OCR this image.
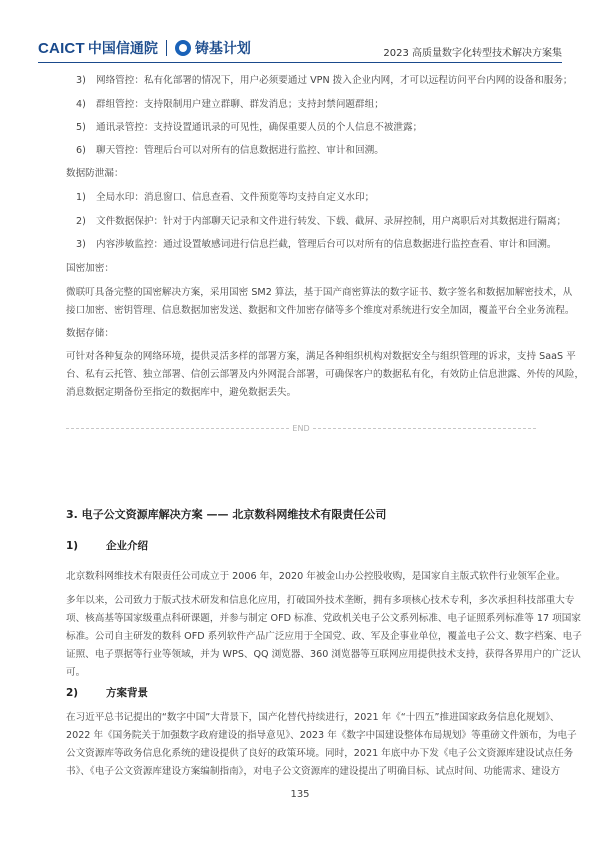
CAICT 中国信通院	铸基计划	2023 高质量数字化转型技术解决方案集
3) 网络管控：私有化部署的情况下，用户必须要通过 VPN 拨入企业内网，才可以远程访问平台内网的设备和服务；
4) 群组管控：支持限制用户建立群聊、群发消息；支持封禁问题群组；
5) 通讯录管控：支持设置通讯录的可见性，确保重要人员的个人信息不被泄露；
6) 聊天管控：管理后台可以对所有的信息数据进行监控、审计和回溯。
数据防泄漏：
1) 全局水印：消息窗口、信息查看、文件预览等均支持自定义水印；
2) 文件数据保护：针对于内部聊天记录和文件进行转发、下载、截屏、录屏控制，用户离职后对其数据进行隔离；
3) 内容涉敏监控：通过设置敏感词进行信息拦截，管理后台可以对所有的信息数据进行监控查看、审计和回溯。
国密加密：
微联叮具备完整的国密解决方案，采用国密 SM2 算法，基于国产商密算法的数字证书、数字签名和数据加解密技术，从
接口加密、密钥管理、信息数据加密发送、数据和文件加密存储等多个维度对系统进行安全加固，覆盖平台全业务流程。
数据存储：
可针对各种复杂的网络环境，提供灵活多样的部署方案，满足各种组织机构对数据安全与组织管理的诉求，支持 SaaS 平
台、私有云托管、独立部署、信创云部署及内外网混合部署，可确保客户的数据私有化，有效防止信息泄露、外传的风险，
消息数据定期备份至指定的数据库中，避免数据丢失。
END
3. 电子公文资源库解决方案 —— 北京数科网维技术有限责任公司
1)	企业介绍
北京数科网维技术有限责任公司成立于 2006 年，2020 年被金山办公控股收购，是国家自主版式软件行业领军企业。
多年以来，公司致力于版式技术研发和信息化应用，打破国外技术垄断，拥有多项核心技术专利，多次承担科技部重大专
项、核高基等国家级重点科研课题，并参与制定 OFD 标准、党政机关电子公文系列标准、电子证照系列标准等 17 项国家
标准。公司自主研发的数科 OFD 系列软件产品广泛应用于全国党、政、军及企事业单位，覆盖电子公文、数字档案、电子
证照、电子票据等行业等领域，并为 WPS、QQ 浏览器、360 浏览器等互联网应用提供技术支持，获得各界用户的广泛认
可。
2)	方案背景
在习近平总书记提出的“数字中国”大背景下，国产化替代持续进行，2021 年《“十四五”推进国家政务信息化规划》、
2022 年《国务院关于加强数字政府建设的指导意见》、2023 年《数字中国建设整体布局规划》等重磅文件颁布，为电子
公文资源库等政务信息化系统的建设提供了良好的政策环境。同时，2021 年底中办下发《电子公文资源库建设试点任务
书》、《电子公文资源库建设方案编制指南》，对电子公文资源库的建设提出了明确目标、试点时间、功能需求、建设方
135
